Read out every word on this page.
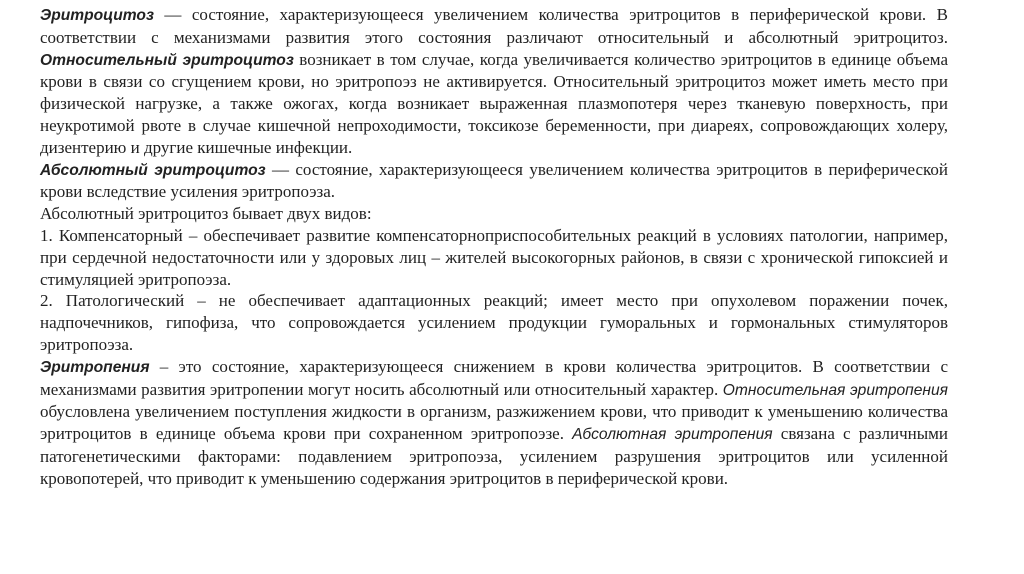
Эритроцитоз — состояние, характеризующееся увеличением количества эритроцитов в периферической крови. В соответствии с механизмами развития этого состояния различают относительный и абсолютный эритроцитоз. Относительный эритроцитоз возникает в том случае, когда увеличивается количество эритроцитов в единице объема крови в связи со сгущением крови, но эритропоэз не активируется. Относительный эритроцитоз может иметь место при физической нагрузке, а также ожогах, когда возникает выраженная плазмопотеря через тканевую поверхность, при неукротимой рвоте в случае кишечной непроходимости, токсикозе беременности, при диареях, сопровождающих холеру, дизентерию и другие кишечные инфекции.

Абсолютный эритроцитоз — состояние, характеризующееся увеличением количества эритроцитов в периферической крови вследствие усиления эритропоэза.

Абсолютный эритроцитоз бывает двух видов:

1. Компенсаторный – обеспечивает развитие компенсаторноприспособительных реакций в условиях патологии, например, при сердечной недостаточности или у здоровых лиц – жителей высокогорных районов, в связи с хронической гипоксией и стимуляцией эритропоэза.

2. Патологический – не обеспечивает адаптационных реакций; имеет место при опухолевом поражении почек, надпочечников, гипофиза, что сопровождается усилением продукции гуморальных и гормональных стимуляторов эритропоэза.

Эритропения – это состояние, характеризующееся снижением в крови количества эритроцитов. В соответствии с механизмами развития эритропении могут носить абсолютный или относительный характер. Относительная эритропения обусловлена увеличением поступления жидкости в организм, разжижением крови, что приводит к уменьшению количества эритроцитов в единице объема крови при сохраненном эритропоэзе. Абсолютная эритропения связана с различными патогенетическими факторами: подавлением эритропоэза, усилением разрушения эритроцитов или усиленной кровопотерей, что приводит к уменьшению содержания эритроцитов в периферической крови.
